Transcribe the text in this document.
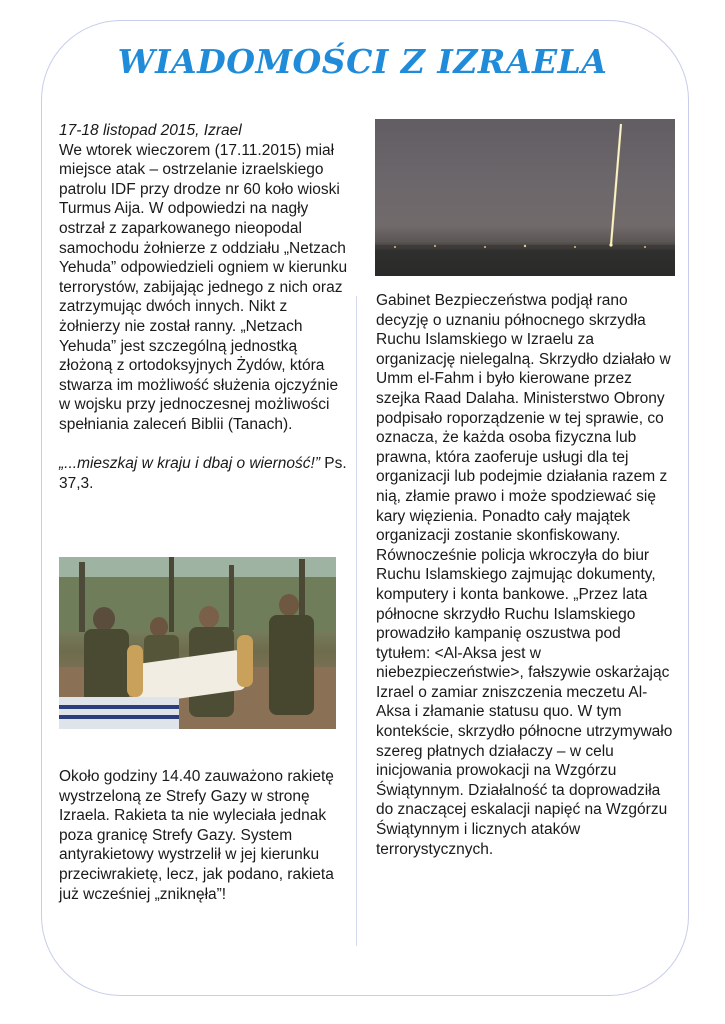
WIADOMOŚCI Z IZRAELA

17-18 listopad 2015, Izrael

We wtorek wieczorem (17.11.2015) miał miejsce atak – ostrzelanie izraelskiego patrolu IDF przy drodze nr 60 koło wioski Turmus Aija. W odpowiedzi na nagły ostrzał z zaparkowanego nieopodal samochodu żołnierze z oddziału „Netzach Yehuda” odpowiedzieli ogniem w kierunku terrorystów, zabijając jednego z nich oraz zatrzymując dwóch innych. Nikt z żołnierzy nie został ranny. „Netzach Yehuda” jest szczególną jednostką złożoną z ortodoksyjnych Żydów, która stwarza im możliwość służenia ojczyźnie w wojsku przy jednoczesnej możliwości spełniania zaleceń Biblii (Tanach).

„...mieszkaj w kraju i dbaj o wierność!” Ps. 37,3.

Około godziny 14.40 zauważono rakietę wystrzeloną ze Strefy Gazy w stronę Izraela. Rakieta ta nie wyleciała jednak poza granicę Strefy Gazy. System antyrakietowy wystrzelił w jej kierunku przeciwrakietę, lecz, jak podano, rakieta już wcześniej „zniknęła”!

Gabinet Bezpieczeństwa podjął rano decyzję o uznaniu północnego skrzydła Ruchu Islamskiego w Izraelu za organizację nielegalną. Skrzydło działało w Umm el-Fahm i było kierowane przez szejka Raad Dalaha. Ministerstwo Obrony podpisało roporządzenie w tej sprawie, co oznacza, że każda osoba fizyczna lub prawna, która zaoferuje usługi dla tej organizacji lub podejmie działania razem z nią, złamie prawo i może spodziewać się kary więzienia. Ponadto cały majątek organizacji zostanie skonfiskowany. Równocześnie policja wkroczyła do biur Ruchu Islamskiego zajmując dokumenty, komputery i konta bankowe. „Przez lata północne skrzydło Ruchu Islamskiego prowadziło kampanię oszustwa pod tytułem: <Al-Aksa jest w niebezpieczeństwie>, fałszywie oskarżając Izrael o zamiar zniszczenia meczetu Al-Aksa i złamanie statusu quo. W tym kontekście, skrzydło północne utrzymywało szereg płatnych działaczy – w celu inicjowania prowokacji na Wzgórzu Świątynnym. Działalność ta doprowadziła do znaczącej eskalacji napięć na Wzgórzu Świątynnym i licznych ataków terrorystycznych.
